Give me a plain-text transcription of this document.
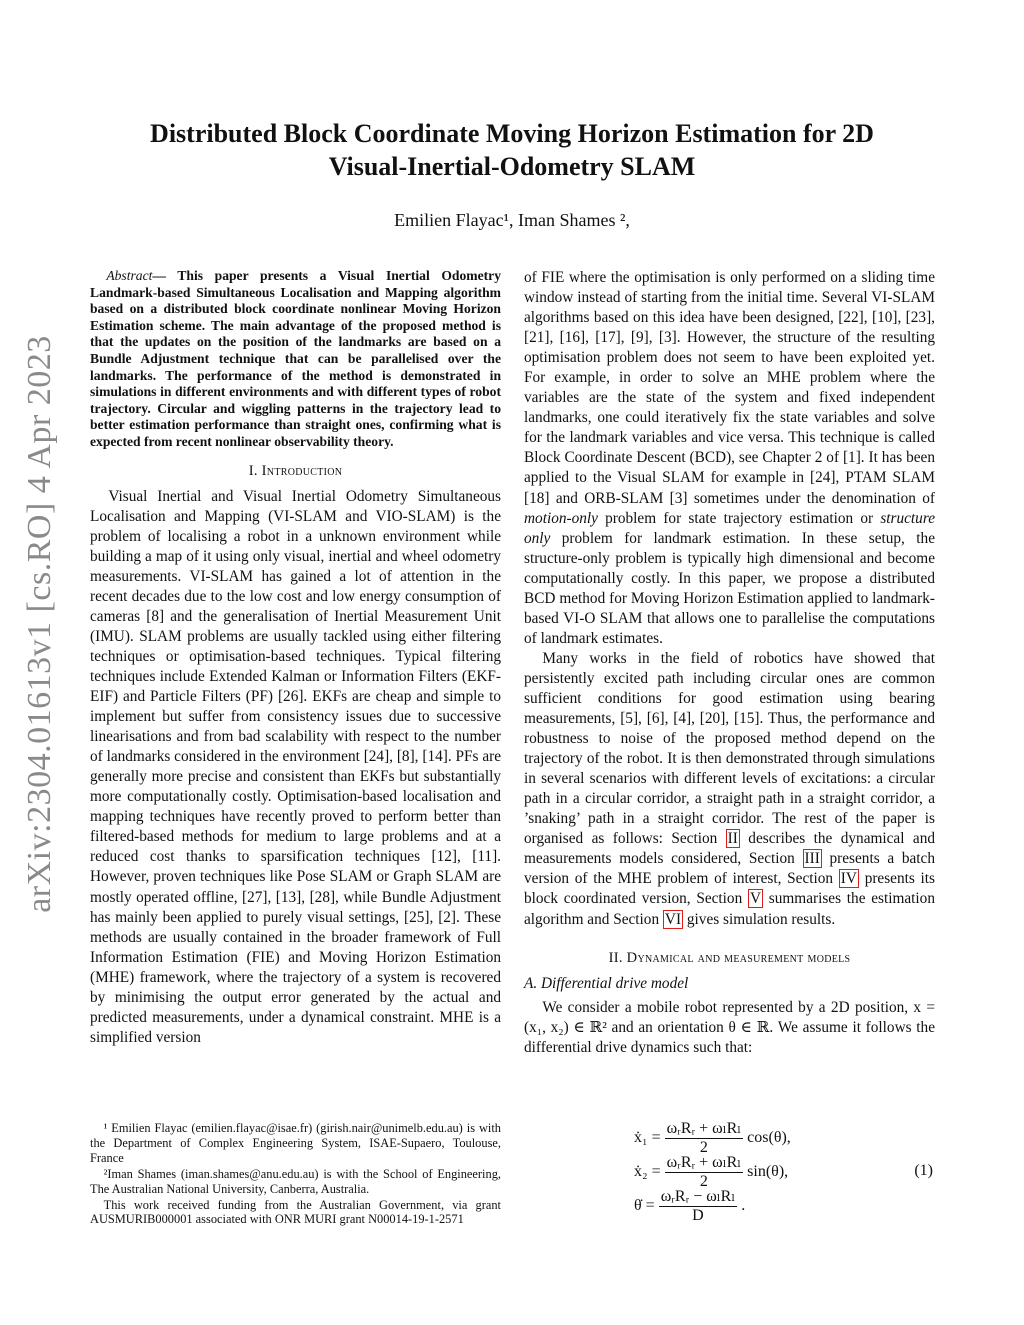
arXiv:2304.01613v1 [cs.RO] 4 Apr 2023
Distributed Block Coordinate Moving Horizon Estimation for 2D
Visual-Inertial-Odometry SLAM
Emilien Flayac¹, Iman Shames ²,

Abstract— This paper presents a Visual Inertial Odometry Landmark-based Simultaneous Localisation and Mapping algorithm based on a distributed block coordinate nonlinear Moving Horizon Estimation scheme. The main advantage of the proposed method is that the updates on the position of the landmarks are based on a Bundle Adjustment technique that can be parallelised over the landmarks. The performance of the method is demonstrated in simulations in different environments and with different types of robot trajectory. Circular and wiggling patterns in the trajectory lead to better estimation performance than straight ones, confirming what is expected from recent nonlinear observability theory.

I. Introduction

Visual Inertial and Visual Inertial Odometry Simultaneous Localisation and Mapping (VI-SLAM and VIO-SLAM) is the problem of localising a robot in a unknown environment while building a map of it using only visual, inertial and wheel odometry measurements. VI-SLAM has gained a lot of attention in the recent decades due to the low cost and low energy consumption of cameras [8] and the generalisation of Inertial Measurement Unit (IMU). SLAM problems are usually tackled using either filtering techniques or optimisation-based techniques. Typical filtering techniques include Extended Kalman or Information Filters (EKF-EIF) and Particle Filters (PF) [26]. EKFs are cheap and simple to implement but suffer from consistency issues due to successive linearisations and from bad scalability with respect to the number of landmarks considered in the environment [24], [8], [14]. PFs are generally more precise and consistent than EKFs but substantially more computationally costly. Optimisation-based localisation and mapping techniques have recently proved to perform better than filtered-based methods for medium to large problems and at a reduced cost thanks to sparsification techniques [12], [11]. However, proven techniques like Pose SLAM or Graph SLAM are mostly operated offline, [27], [13], [28], while Bundle Adjustment has mainly been applied to purely visual settings, [25], [2]. These methods are usually contained in the broader framework of Full Information Estimation (FIE) and Moving Horizon Estimation (MHE) framework, where the trajectory of a system is recovered by minimising the output error generated by the actual and predicted measurements, under a dynamical constraint. MHE is a simplified version

of FIE where the optimisation is only performed on a sliding time window instead of starting from the initial time. Several VI-SLAM algorithms based on this idea have been designed, [22], [10], [23], [21], [16], [17], [9], [3]. However, the structure of the resulting optimisation problem does not seem to have been exploited yet. For example, in order to solve an MHE problem where the variables are the state of the system and fixed independent landmarks, one could iteratively fix the state variables and solve for the landmark variables and vice versa. This technique is called Block Coordinate Descent (BCD), see Chapter 2 of [1]. It has been applied to the Visual SLAM for example in [24], PTAM SLAM [18] and ORB-SLAM [3] sometimes under the denomination of motion-only problem for state trajectory estimation or structure only problem for landmark estimation. In these setup, the structure-only problem is typically high dimensional and become computationally costly. In this paper, we propose a distributed BCD method for Moving Horizon Estimation applied to landmark-based VI-O SLAM that allows one to parallelise the computations of landmark estimates.

Many works in the field of robotics have showed that persistently excited path including circular ones are common sufficient conditions for good estimation using bearing measurements, [5], [6], [4], [20], [15]. Thus, the performance and robustness to noise of the proposed method depend on the trajectory of the robot. It is then demonstrated through simulations in several scenarios with different levels of excitations: a circular path in a circular corridor, a straight path in a straight corridor, a ’snaking’ path in a straight corridor. The rest of the paper is organised as follows: Section II describes the dynamical and measurements models considered, Section III presents a batch version of the MHE problem of interest, Section IV presents its block coordinated version, Section V summarises the estimation algorithm and Section VI gives simulation results.

II. Dynamical and measurement models
A. Differential drive model

We consider a mobile robot represented by a 2D position, x = (x₁, x₂) ∈ ℝ² and an orientation θ ∈ ℝ. We assume it follows the differential drive dynamics such that:

ẋ₁ = $\frac{\text{ωᵣRᵣ + ωₗRₗ}}{2} \cos(\theta)$,
ẋ₂ = $\frac{\text{ωᵣRᵣ + ωₗRₗ}}{2} \sin(\theta)$,
θ̇ = $\frac{\text{ωᵣRᵣ − ωₗRₗ}}{D}$ .
(1)

¹ Emilien Flayac (emilien.flayac@isae.fr) (girish.nair@unimelb.edu.au) is with the Department of Complex Engineering System, ISAE-Supaero, Toulouse, France

²Iman Shames (iman.shames@anu.edu.au) is with the School of Engineering, The Australian National University, Canberra, Australia.

This work received funding from the Australian Government, via grant AUSMURIB000001 associated with ONR MURI grant N00014-19-1-2571
